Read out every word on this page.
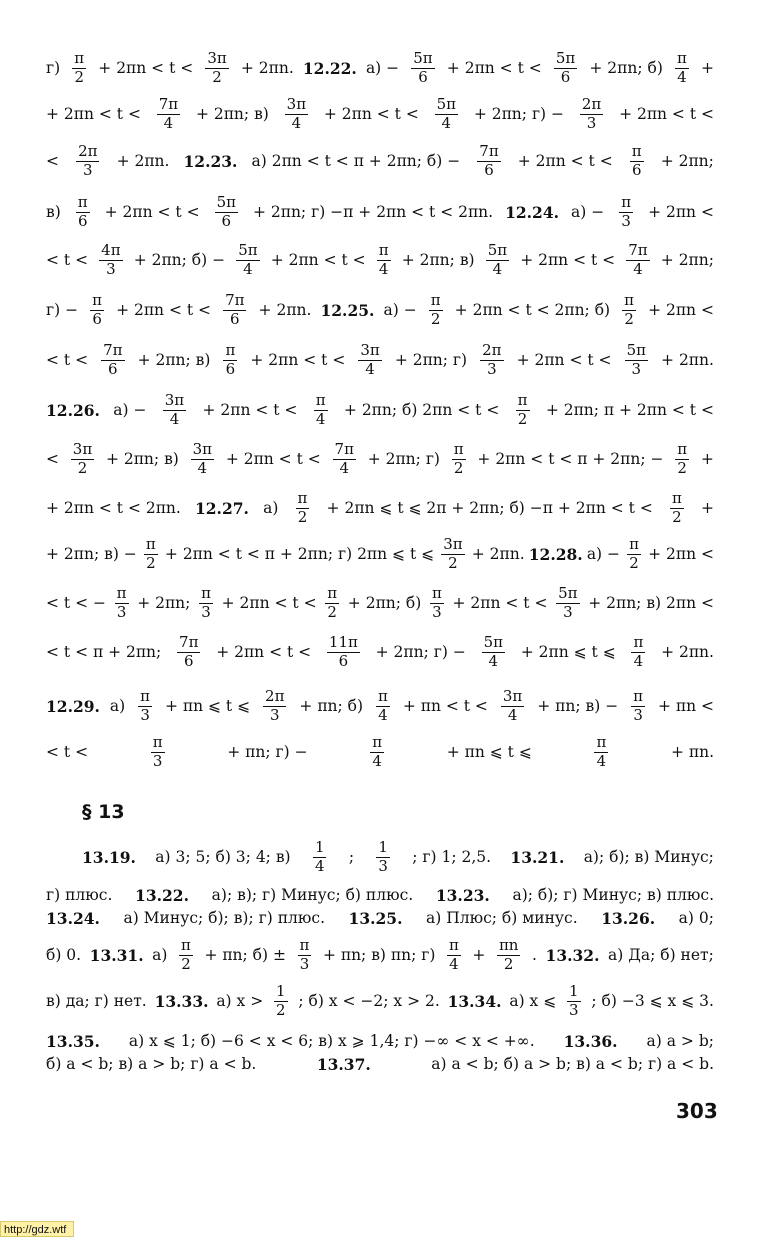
$г) \frac{\pi}{2} + 2\pi n < t < \frac{3\pi}{2} + 2\pi n$. 12.22. $а) - \frac{5\pi}{6} + 2\pi n < t < \frac{5\pi}{6} + 2\pi n$; $б) \frac{\pi}{4}$ +
+ $2\pi n < t < \frac{7\pi}{4} + 2\pi n$; $в) \frac{3\pi}{4} + 2\pi n < t < \frac{5\pi}{4} + 2\pi n$; $г) - \frac{2\pi}{3} + 2\pi n < t$ <
< $\frac{2\pi}{3} + 2\pi n$. 12.23. а) 2πn < t < π + 2πn; $б) - \frac{7\pi}{6} + 2\pi n < t < \frac{\pi}{6} + 2\pi n$;
$в) \frac{\pi}{6} + 2\pi n < t < \frac{5\pi}{6} + 2\pi n$; г) −π + 2πn < t < 2πn. 12.24. $а) - \frac{\pi}{3} + 2\pi n$ <
< $t < \frac{4\pi}{3} + 2\pi n$; $б) - \frac{5\pi}{4} + 2\pi n < t < \frac{\pi}{4} + 2\pi n$; $в) \frac{5\pi}{4} + 2\pi n < t < \frac{7\pi}{4} + 2\pi n$;
$г) - \frac{\pi}{6} + 2\pi n < t < \frac{7\pi}{6} + 2\pi n$. 12.25. $а) - \frac{\pi}{2} + 2\pi n < t < 2\pi n$; $б) \frac{\pi}{2} + 2\pi n$ <
< $t < \frac{7\pi}{6} + 2\pi n$; $в) \frac{\pi}{6} + 2\pi n < t < \frac{3\pi}{4} + 2\pi n$; $г) \frac{2\pi}{3} + 2\pi n < t < \frac{5\pi}{3} + 2\pi n$.
12.26. $а) - \frac{3\pi}{4} + 2\pi n < t < \frac{\pi}{4} + 2\pi n$; б) $2\pi n < t < \frac{\pi}{2} + 2\pi n$; π + 2πn < t <
< $\frac{3\pi}{2} + 2\pi n$; $в) \frac{3\pi}{4} + 2\pi n < t < \frac{7\pi}{4} + 2\pi n$; $г) \frac{\pi}{2} + 2\pi n < t < \pi + 2\pi n$; − $\frac{\pi}{2}$ +
+ 2πn < t < 2πn. 12.27. $а) \frac{\pi}{2} + 2\pi n$ ⩽ t ⩽ 2π + 2πn; $б) -\pi + 2\pi n < t < \frac{\pi}{2}$ +
+ 2πn; $в) - \frac{\pi}{2} + 2\pi n < t < \pi + 2\pi n$; г) 2πn ⩽ t ⩽ $\frac{3\pi}{2} + 2\pi n$. 12.28. $а) - \frac{\pi}{2} + 2\pi n$ <
< t < − $\frac{\pi}{3} + 2\pi n$; $\frac{\pi}{3} + 2\pi n < t < \frac{\pi}{2} + 2\pi n$; $б) \frac{\pi}{3} + 2\pi n < t < \frac{5\pi}{3} + 2\pi n$; в) 2πn <
< t < π + 2πn; $\frac{7\pi}{6} + 2\pi n < t < \frac{11\pi}{6} + 2\pi n$; $г) - \frac{5\pi}{4} + 2\pi n$ ⩽ t ⩽ $\frac{\pi}{4} + 2\pi n$.
12.29. $а) \frac{\pi}{3} + \pi n$ ⩽ t ⩽ $\frac{2\pi}{3} + \pi n$; $б) \frac{\pi}{4} + \pi n < t < \frac{3\pi}{4} + \pi n$; $в) - \frac{\pi}{3} + \pi n$ <
< t <	$\frac{\pi}{3}$	+ πn; г) −	$\frac{\pi}{4}$	+ πn ⩽ t ⩽	$\frac{\pi}{4}$	+ πn.
13.19. а) 3; 5; б) 3; 4; $в) \frac{1}{4}$ ; $\frac{1}{3}$ ; г) 1; 2,5. 13.21. а); б); в) Минус;
г) плюс. 13.22. а); в); г) Минус; б) плюс. 13.23. а); б); г) Минус; в) плюс.
13.24. а) Минус; б); в); г) плюс. 13.25. а) Плюс; б) минус. 13.26. а) 0;
б) 0. 13.31. $а) \frac{\pi}{2} + \pi n$; $б) \pm \frac{\pi}{3} + \pi n$; в) πn; $г) \frac{\pi}{4} + \frac{\pi n}{2}$ . 13.32. а) Да; б) нет;
в) да; г) нет. 13.33. а) $x > \frac{1}{2}$ ; б) x < −2; x > 2. 13.34. а) x ⩽ $\frac{1}{3}$ ; б) −3 ⩽ x ⩽ 3.
13.35. а) x ⩽ 1; б) −6 < x < 6; в) x ⩾ 1,4; г) −∞ < x < +∞. 13.36. а) a > b;
б) a < b; в) a > b; г) a < b.	13.37.	а) a < b; б) a > b; в) a < b; г) a < b.
§ 13
303
http://gdz.wtf
